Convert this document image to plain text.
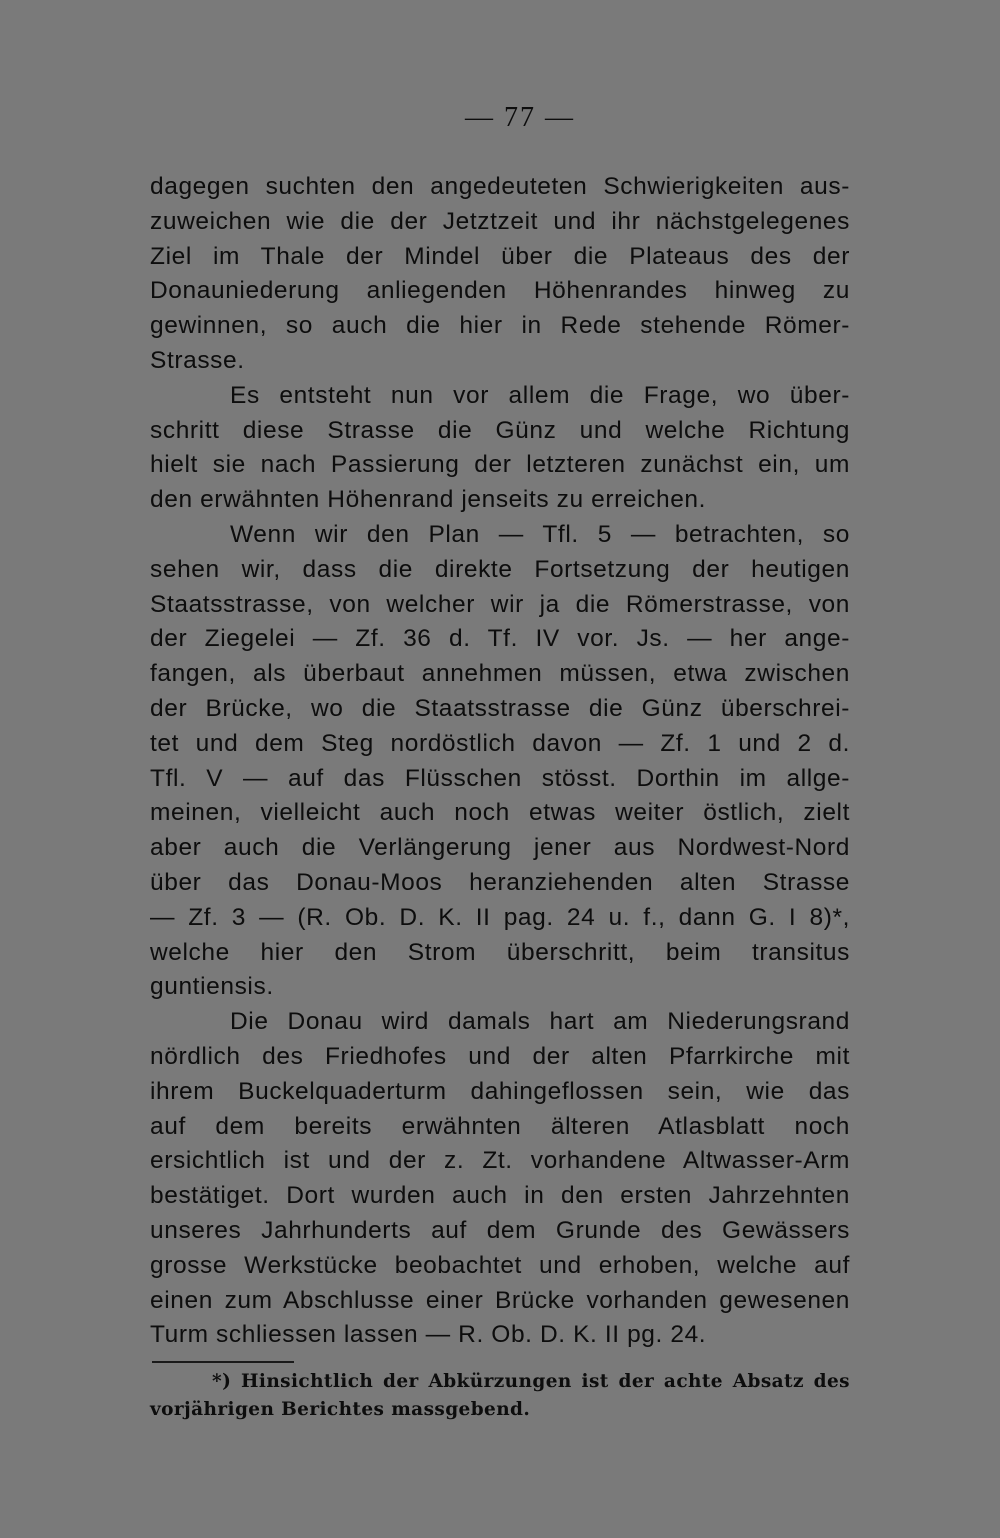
— 77 —
dagegen suchten den angedeuteten Schwierigkeiten aus-
zuweichen wie die der Jetztzeit und ihr nächstgelegenes
Ziel im Thale der Mindel über die Plateaus des der
Donauniederung anliegenden Höhenrandes hinweg zu
gewinnen, so auch die hier in Rede stehende Römer-
Strasse.
Es entsteht nun vor allem die Frage, wo über-
schritt diese Strasse die Günz und welche Richtung
hielt sie nach Passierung der letzteren zunächst ein, um
den erwähnten Höhenrand jenseits zu erreichen.
Wenn wir den Plan — Tfl. 5 — betrachten, so
sehen wir, dass die direkte Fortsetzung der heutigen
Staatsstrasse, von welcher wir ja die Römerstrasse, von
der Ziegelei — Zf. 36 d. Tf. IV vor. Js. — her ange-
fangen, als überbaut annehmen müssen, etwa zwischen
der Brücke, wo die Staatsstrasse die Günz überschrei-
tet und dem Steg nordöstlich davon — Zf. 1 und 2 d.
Tfl. V — auf das Flüsschen stösst. Dorthin im allge-
meinen, vielleicht auch noch etwas weiter östlich, zielt
aber auch die Verlängerung jener aus Nordwest-Nord
über das Donau-Moos heranziehenden alten Strasse
— Zf. 3 — (R. Ob. D. K. II pag. 24 u. f., dann G. I 8)*,
welche hier den Strom überschritt, beim transitus
guntiensis.
Die Donau wird damals hart am Niederungsrand
nördlich des Friedhofes und der alten Pfarrkirche mit
ihrem Buckelquaderturm dahingeflossen sein, wie das
auf dem bereits erwähnten älteren Atlasblatt noch
ersichtlich ist und der z. Zt. vorhandene Altwasser-Arm
bestätiget. Dort wurden auch in den ersten Jahrzehnten
unseres Jahrhunderts auf dem Grunde des Gewässers
grosse Werkstücke beobachtet und erhoben, welche auf
einen zum Abschlusse einer Brücke vorhanden gewesenen
Turm schliessen lassen — R. Ob. D. K. II pg. 24.
*) Hinsichtlich der Abkürzungen ist der achte Absatz des
vorjährigen Berichtes massgebend.
